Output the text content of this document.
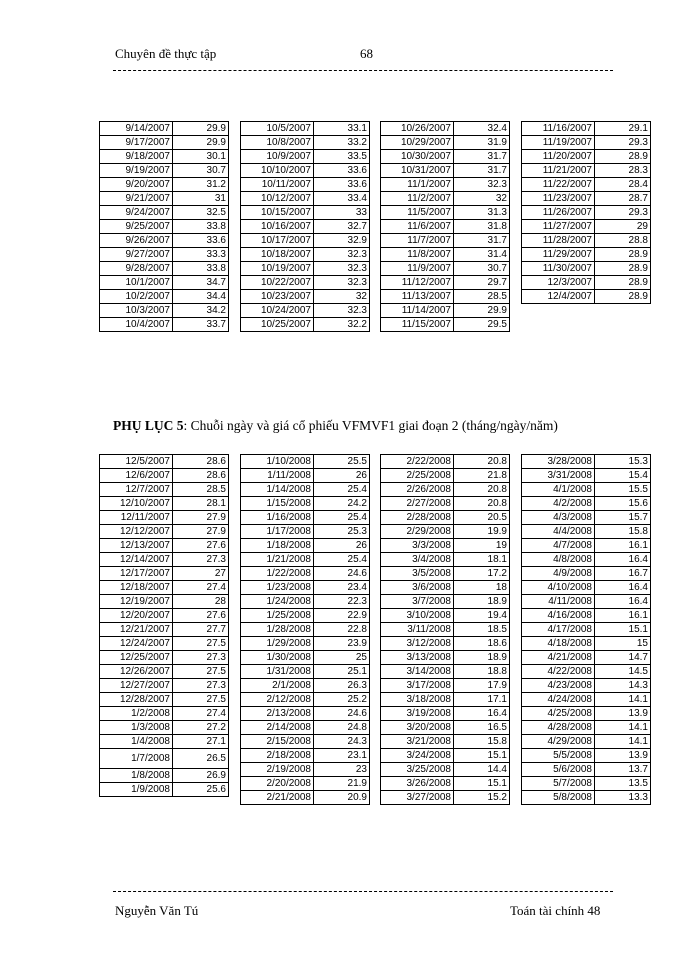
Chuyên đề thực tập	68
9/14/2007	29.9
9/17/2007	29.9
9/18/2007	30.1
9/19/2007	30.7
9/20/2007	31.2
9/21/2007	31
9/24/2007	32.5
9/25/2007	33.8
9/26/2007	33.6
9/27/2007	33.3
9/28/2007	33.8
10/1/2007	34.7
10/2/2007	34.4
10/3/2007	34.2
10/4/2007	33.7
10/5/2007	33.1
10/8/2007	33.2
10/9/2007	33.5
10/10/2007	33.6
10/11/2007	33.6
10/12/2007	33.4
10/15/2007	33
10/16/2007	32.7
10/17/2007	32.9
10/18/2007	32.3
10/19/2007	32.3
10/22/2007	32.3
10/23/2007	32
10/24/2007	32.3
10/25/2007	32.2
10/26/2007	32.4
10/29/2007	31.9
10/30/2007	31.7
10/31/2007	31.7
11/1/2007	32.3
11/2/2007	32
11/5/2007	31.3
11/6/2007	31.8
11/7/2007	31.7
11/8/2007	31.4
11/9/2007	30.7
11/12/2007	29.7
11/13/2007	28.5
11/14/2007	29.9
11/15/2007	29.5
11/16/2007	29.1
11/19/2007	29.3
11/20/2007	28.9
11/21/2007	28.3
11/22/2007	28.4
11/23/2007	28.7
11/26/2007	29.3
11/27/2007	29
11/28/2007	28.8
11/29/2007	28.9
11/30/2007	28.9
12/3/2007	28.9
12/4/2007	28.9
PHỤ LỤC 5: Chuỗi ngày và giá cổ phiếu VFMVF1 giai đoạn 2 (tháng/ngày/năm)
12/5/2007	28.6
12/6/2007	28.6
12/7/2007	28.5
12/10/2007	28.1
12/11/2007	27.9
12/12/2007	27.9
12/13/2007	27.6
12/14/2007	27.3
12/17/2007	27
12/18/2007	27.4
12/19/2007	28
12/20/2007	27.6
12/21/2007	27.7
12/24/2007	27.5
12/25/2007	27.3
12/26/2007	27.5
12/27/2007	27.3
12/28/2007	27.5
1/2/2008	27.4
1/3/2008	27.2
1/4/2008	27.1
1/7/2008	26.5
1/8/2008	26.9
1/9/2008	25.6
1/10/2008	25.5
1/11/2008	26
1/14/2008	25.4
1/15/2008	24.2
1/16/2008	25.4
1/17/2008	25.3
1/18/2008	26
1/21/2008	25.4
1/22/2008	24.6
1/23/2008	23.4
1/24/2008	22.3
1/25/2008	22.9
1/28/2008	22.8
1/29/2008	23.9
1/30/2008	25
1/31/2008	25.1
2/1/2008	26.3
2/12/2008	25.2
2/13/2008	24.6
2/14/2008	24.8
2/15/2008	24.3
2/18/2008	23.1
2/19/2008	23
2/20/2008	21.9
2/21/2008	20.9
2/22/2008	20.8
2/25/2008	21.8
2/26/2008	20.8
2/27/2008	20.8
2/28/2008	20.5
2/29/2008	19.9
3/3/2008	19
3/4/2008	18.1
3/5/2008	17.2
3/6/2008	18
3/7/2008	18.9
3/10/2008	19.4
3/11/2008	18.5
3/12/2008	18.6
3/13/2008	18.9
3/14/2008	18.8
3/17/2008	17.9
3/18/2008	17.1
3/19/2008	16.4
3/20/2008	16.5
3/21/2008	15.8
3/24/2008	15.1
3/25/2008	14.4
3/26/2008	15.1
3/27/2008	15.2
3/28/2008	15.3
3/31/2008	15.4
4/1/2008	15.5
4/2/2008	15.6
4/3/2008	15.7
4/4/2008	15.8
4/7/2008	16.1
4/8/2008	16.4
4/9/2008	16.7
4/10/2008	16.4
4/11/2008	16.4
4/16/2008	16.1
4/17/2008	15.1
4/18/2008	15
4/21/2008	14.7
4/22/2008	14.5
4/23/2008	14.3
4/24/2008	14.1
4/25/2008	13.9
4/28/2008	14.1
4/29/2008	14.1
5/5/2008	13.9
5/6/2008	13.7
5/7/2008	13.5
5/8/2008	13.3
Nguyễn Văn Tú	Toán tài chính 48
